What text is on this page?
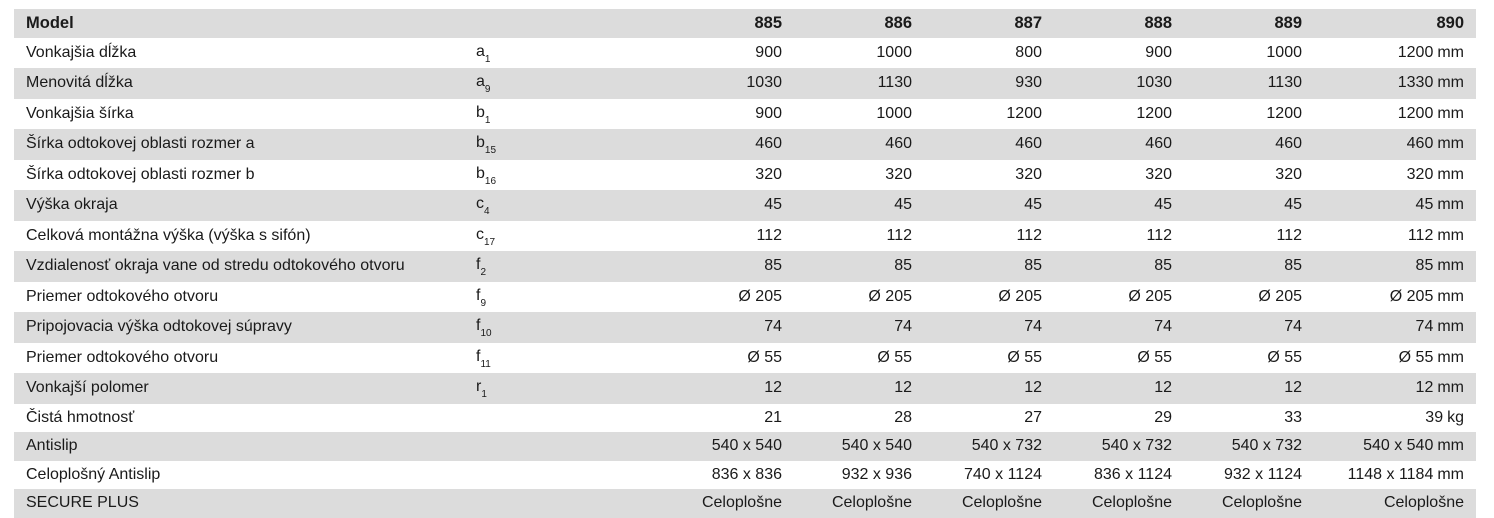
Model		885	886	887	888	889	890
Vonkajšia dĺžka	$a_1$	900	1000	800	900	1000	1200 mm
Menovitá dĺžka	$a_9$	1030	1130	930	1030	1130	1330 mm
Vonkajšia šírka	$b_1$	900	1000	1200	1200	1200	1200 mm
Šírka odtokovej oblasti rozmer a	$b_{15}$	460	460	460	460	460	460 mm
Šírka odtokovej oblasti rozmer b	$b_{16}$	320	320	320	320	320	320 mm
Výška okraja	$c_4$	45	45	45	45	45	45 mm
Celková montážna výška (výška s sifón)	$c_{17}$	112	112	112	112	112	112 mm
Vzdialenosť okraja vane od stredu odtokového otvoru	$f_2$	85	85	85	85	85	85 mm
Priemer odtokového otvoru	$f_9$	Ø 205	Ø 205	Ø 205	Ø 205	Ø 205	Ø 205 mm
Pripojovacia výška odtokovej súpravy	$f_{10}$	74	74	74	74	74	74 mm
Priemer odtokového otvoru	$f_{11}$	Ø 55	Ø 55	Ø 55	Ø 55	Ø 55	Ø 55 mm
Vonkajší polomer	$r_1$	12	12	12	12	12	12 mm
Čistá hmotnosť		21	28	27	29	33	39 kg
Antislip		540 x 540	540 x 540	540 x 732	540 x 732	540 x 732	540 x 540 mm
Celoplošný Antislip		836 x 836	932 x 936	740 x 1124	836 x 1124	932 x 1124	1148 x 1184 mm
SECURE PLUS		Celoplošne	Celoplošne	Celoplošne	Celoplošne	Celoplošne	Celoplošne
